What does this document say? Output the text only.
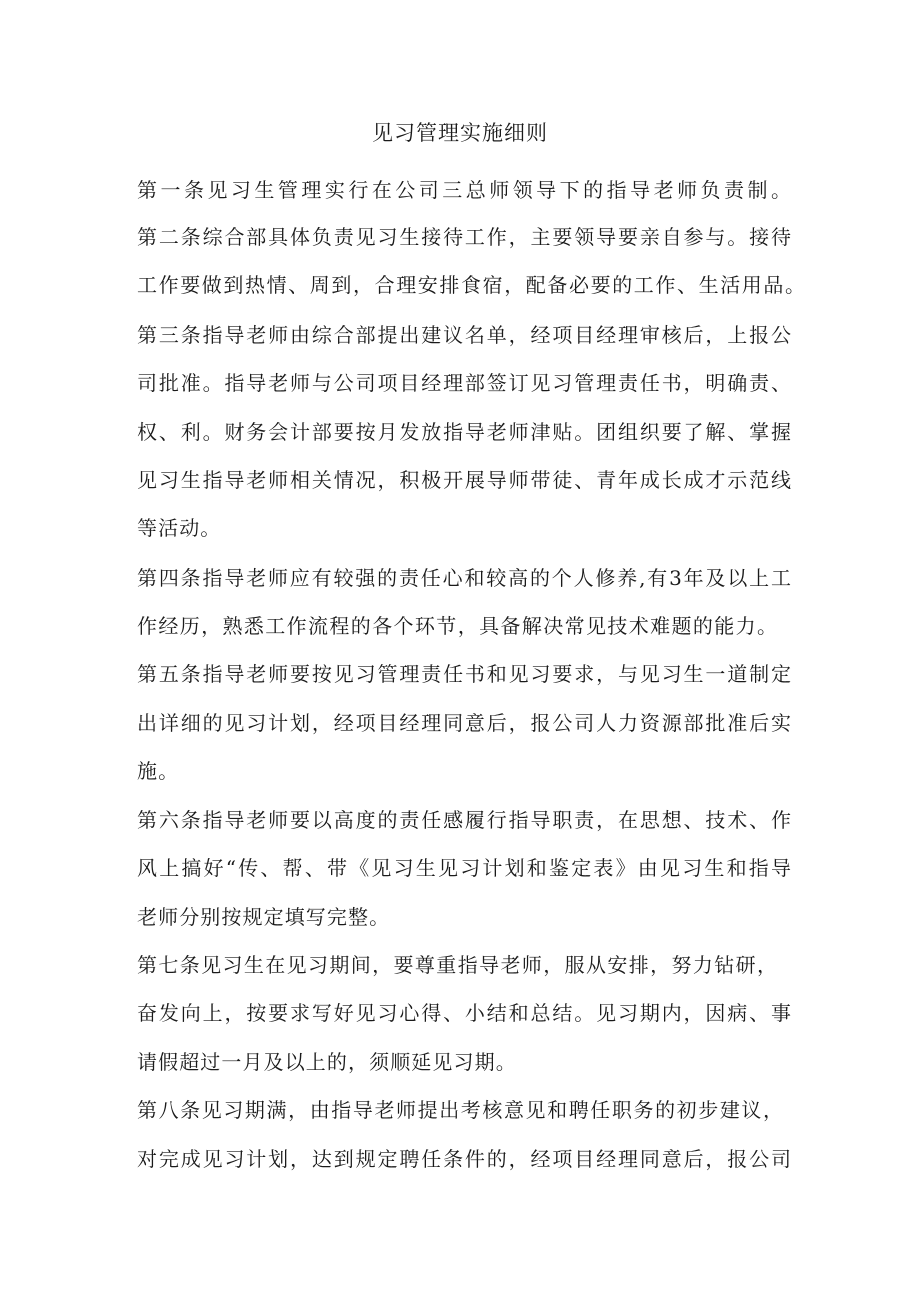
见习管理实施细则
第一条见习生管理实行在公司三总师领导下的指导老师负责制。
第二条综合部具体负责见习生接待工作，主要领导要亲自参与。接待
工作要做到热情、周到，合理安排食宿，配备必要的工作、生活用品。
第三条指导老师由综合部提出建议名单，经项目经理审核后，上报公
司批准。指导老师与公司项目经理部签订见习管理责任书，明确责、
权、利。财务会计部要按月发放指导老师津贴。团组织要了解、掌握
见习生指导老师相关情况，积极开展导师带徒、青年成长成才示范线
等活动。
第四条指导老师应有较强的责任心和较高的个人修养,有3年及以上工
作经历，熟悉工作流程的各个环节，具备解决常见技术难题的能力。
第五条指导老师要按见习管理责任书和见习要求，与见习生一道制定
出详细的见习计划，经项目经理同意后，报公司人力资源部批准后实
施。
第六条指导老师要以高度的责任感履行指导职责，在思想、技术、作
风上搞好“传、帮、带《见习生见习计划和鉴定表》由见习生和指导
老师分别按规定填写完整。
第七条见习生在见习期间，要尊重指导老师，服从安排，努力钻研，
奋发向上，按要求写好见习心得、小结和总结。见习期内，因病、事
请假超过一月及以上的，须顺延见习期。
第八条见习期满，由指导老师提出考核意见和聘任职务的初步建议，
对完成见习计划，达到规定聘任条件的，经项目经理同意后，报公司
